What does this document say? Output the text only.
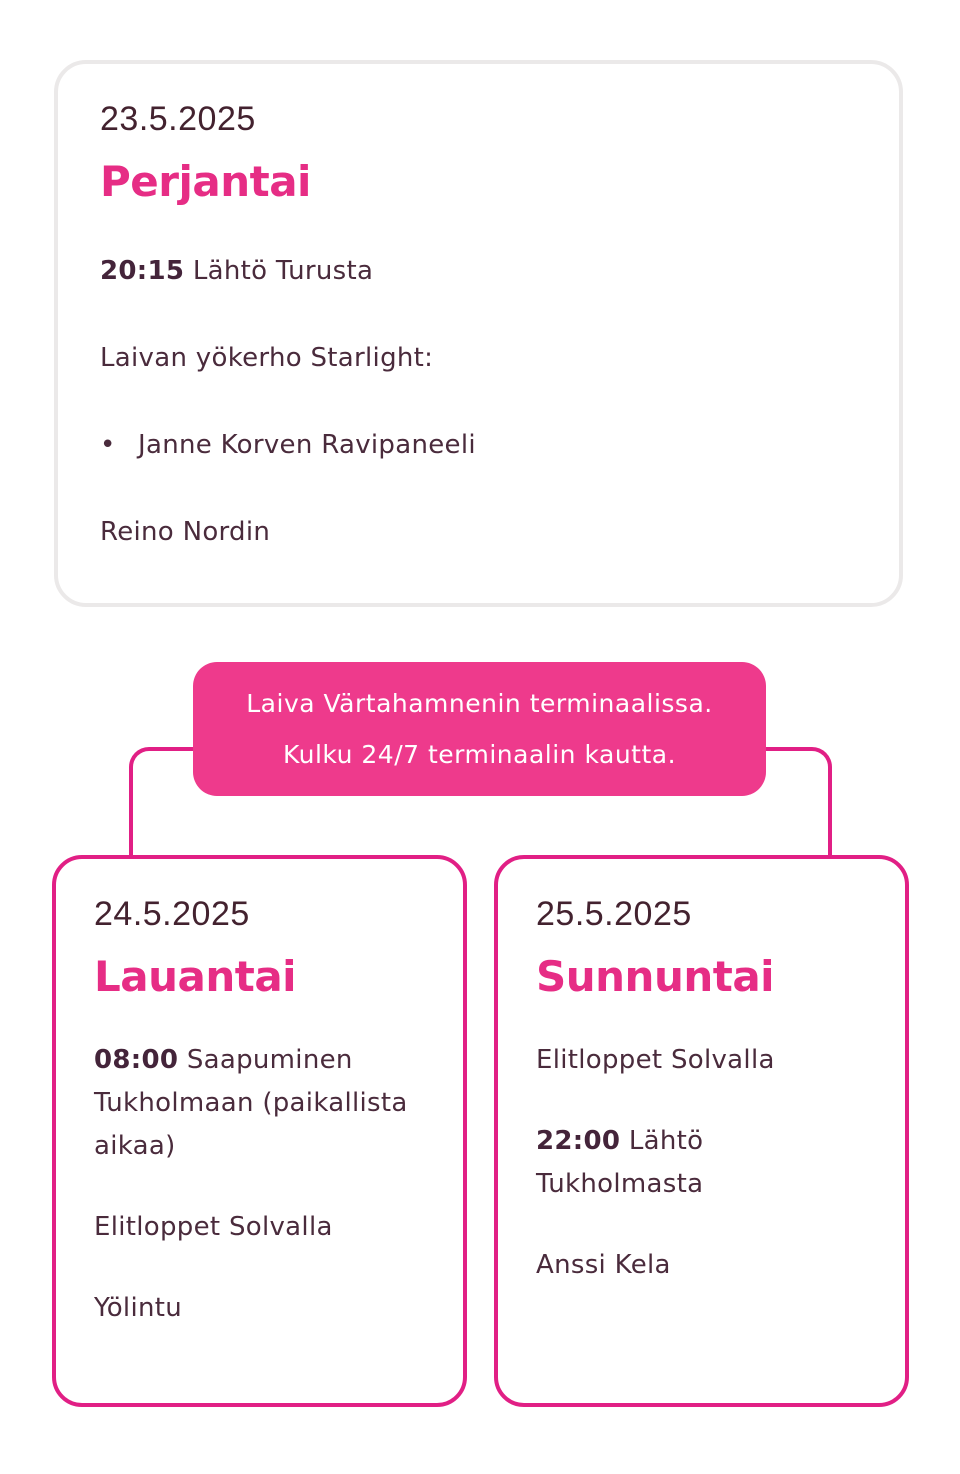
23.5.2025
Perjantai
20:15 Lähtö Turusta
Laivan yökerho Starlight:
• Janne Korven Ravipaneeli
Reino Nordin
Laiva Värtahamnenin terminaalissa.
Kulku 24/7 terminaalin kautta.
24.5.2025
Lauantai
08:00 Saapuminen Tukholmaan (paikallista aikaa)
Elitloppet Solvalla
Yölintu
25.5.2025
Sunnuntai
Elitloppet Solvalla
22:00 Lähtö Tukholmasta
Anssi Kela
